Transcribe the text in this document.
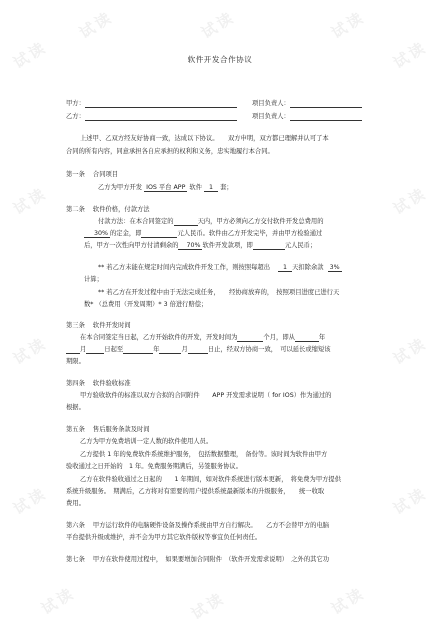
试读
试读	试读	试读
试读
试读	试读
试读	试读
试读	试读
试读	试读	试读
软件开发合作协议
甲方：	项目负责人：
乙方：	项目负责人：
上述甲、乙双方经友好协商一致，达成以下协议。　　双方申明，双方都已理解并认可了本
合同的所有内容，同意承担各自应承担的权利和义务，忠实地履行本合同。
第一条 合同项目
乙方为甲方开发 IOS 平台 APP 软件 1 套；
第二条 软件价格，付款方法
付款方法：在本合同签定的	天内，甲方必须向乙方交付软件开发总费用的
30% 的定金，即	元人民币。软件由乙方开发完毕，并由甲方检验通过
后，甲方一次性向甲方付清剩余的 70% 软件开发款项，即	元人民币；
** 若乙方未能在规定时间内完成软件开发工作，则按照每超出 1 天扣除余款 3%
计算；
** 若乙方在开发过程中由于无法完成任务，　　经协商放弃的，　按照项目进度已进行天
数* （总费用（开发周期）* 3 倍进行赔偿；
第三条 软件开发时间
在本合同签定当日起，乙方开始软件的开发，开发时间为	个月，即从	年
月	日起至	年	月	日止，经双方协商一致，　可以延长或缩短该
期限。
第四条 软件验收标准
甲方验收软件的标准以双方合拟的合同附件　　APP 开发需求说明（ for IOS）作为通过的
根据。
第五条 售后服务条款及时间
乙方为甲方免费培训一定人数的软件使用人员。
乙方提供 1 年的免费软件系统维护服务，　包括数据整理，　备份等。该时间为软件由甲方
验收通过之日开始的　1 年。免费服务期满后，另签服务协议。
乙方在软件验收通过之日起的　　1 年期间，如对软件系统进行版本更新，　将免费为甲方提供
系统升级服务。　期满后，乙方将对有需要的用户提供系统最新版本的升级服务，　　统一收取
费用。
第六条 甲方运行软件的电脑硬件设备及操作系统由甲方自行解决。　　乙方不会替甲方的电脑
平台提供升级或维护，并不会为甲方其它软件版权等事宜负任何责任。
第七条 甲方在软件使用过程中，　如果要增加合同附件　（软件开发需求说明）　之外的其它功
